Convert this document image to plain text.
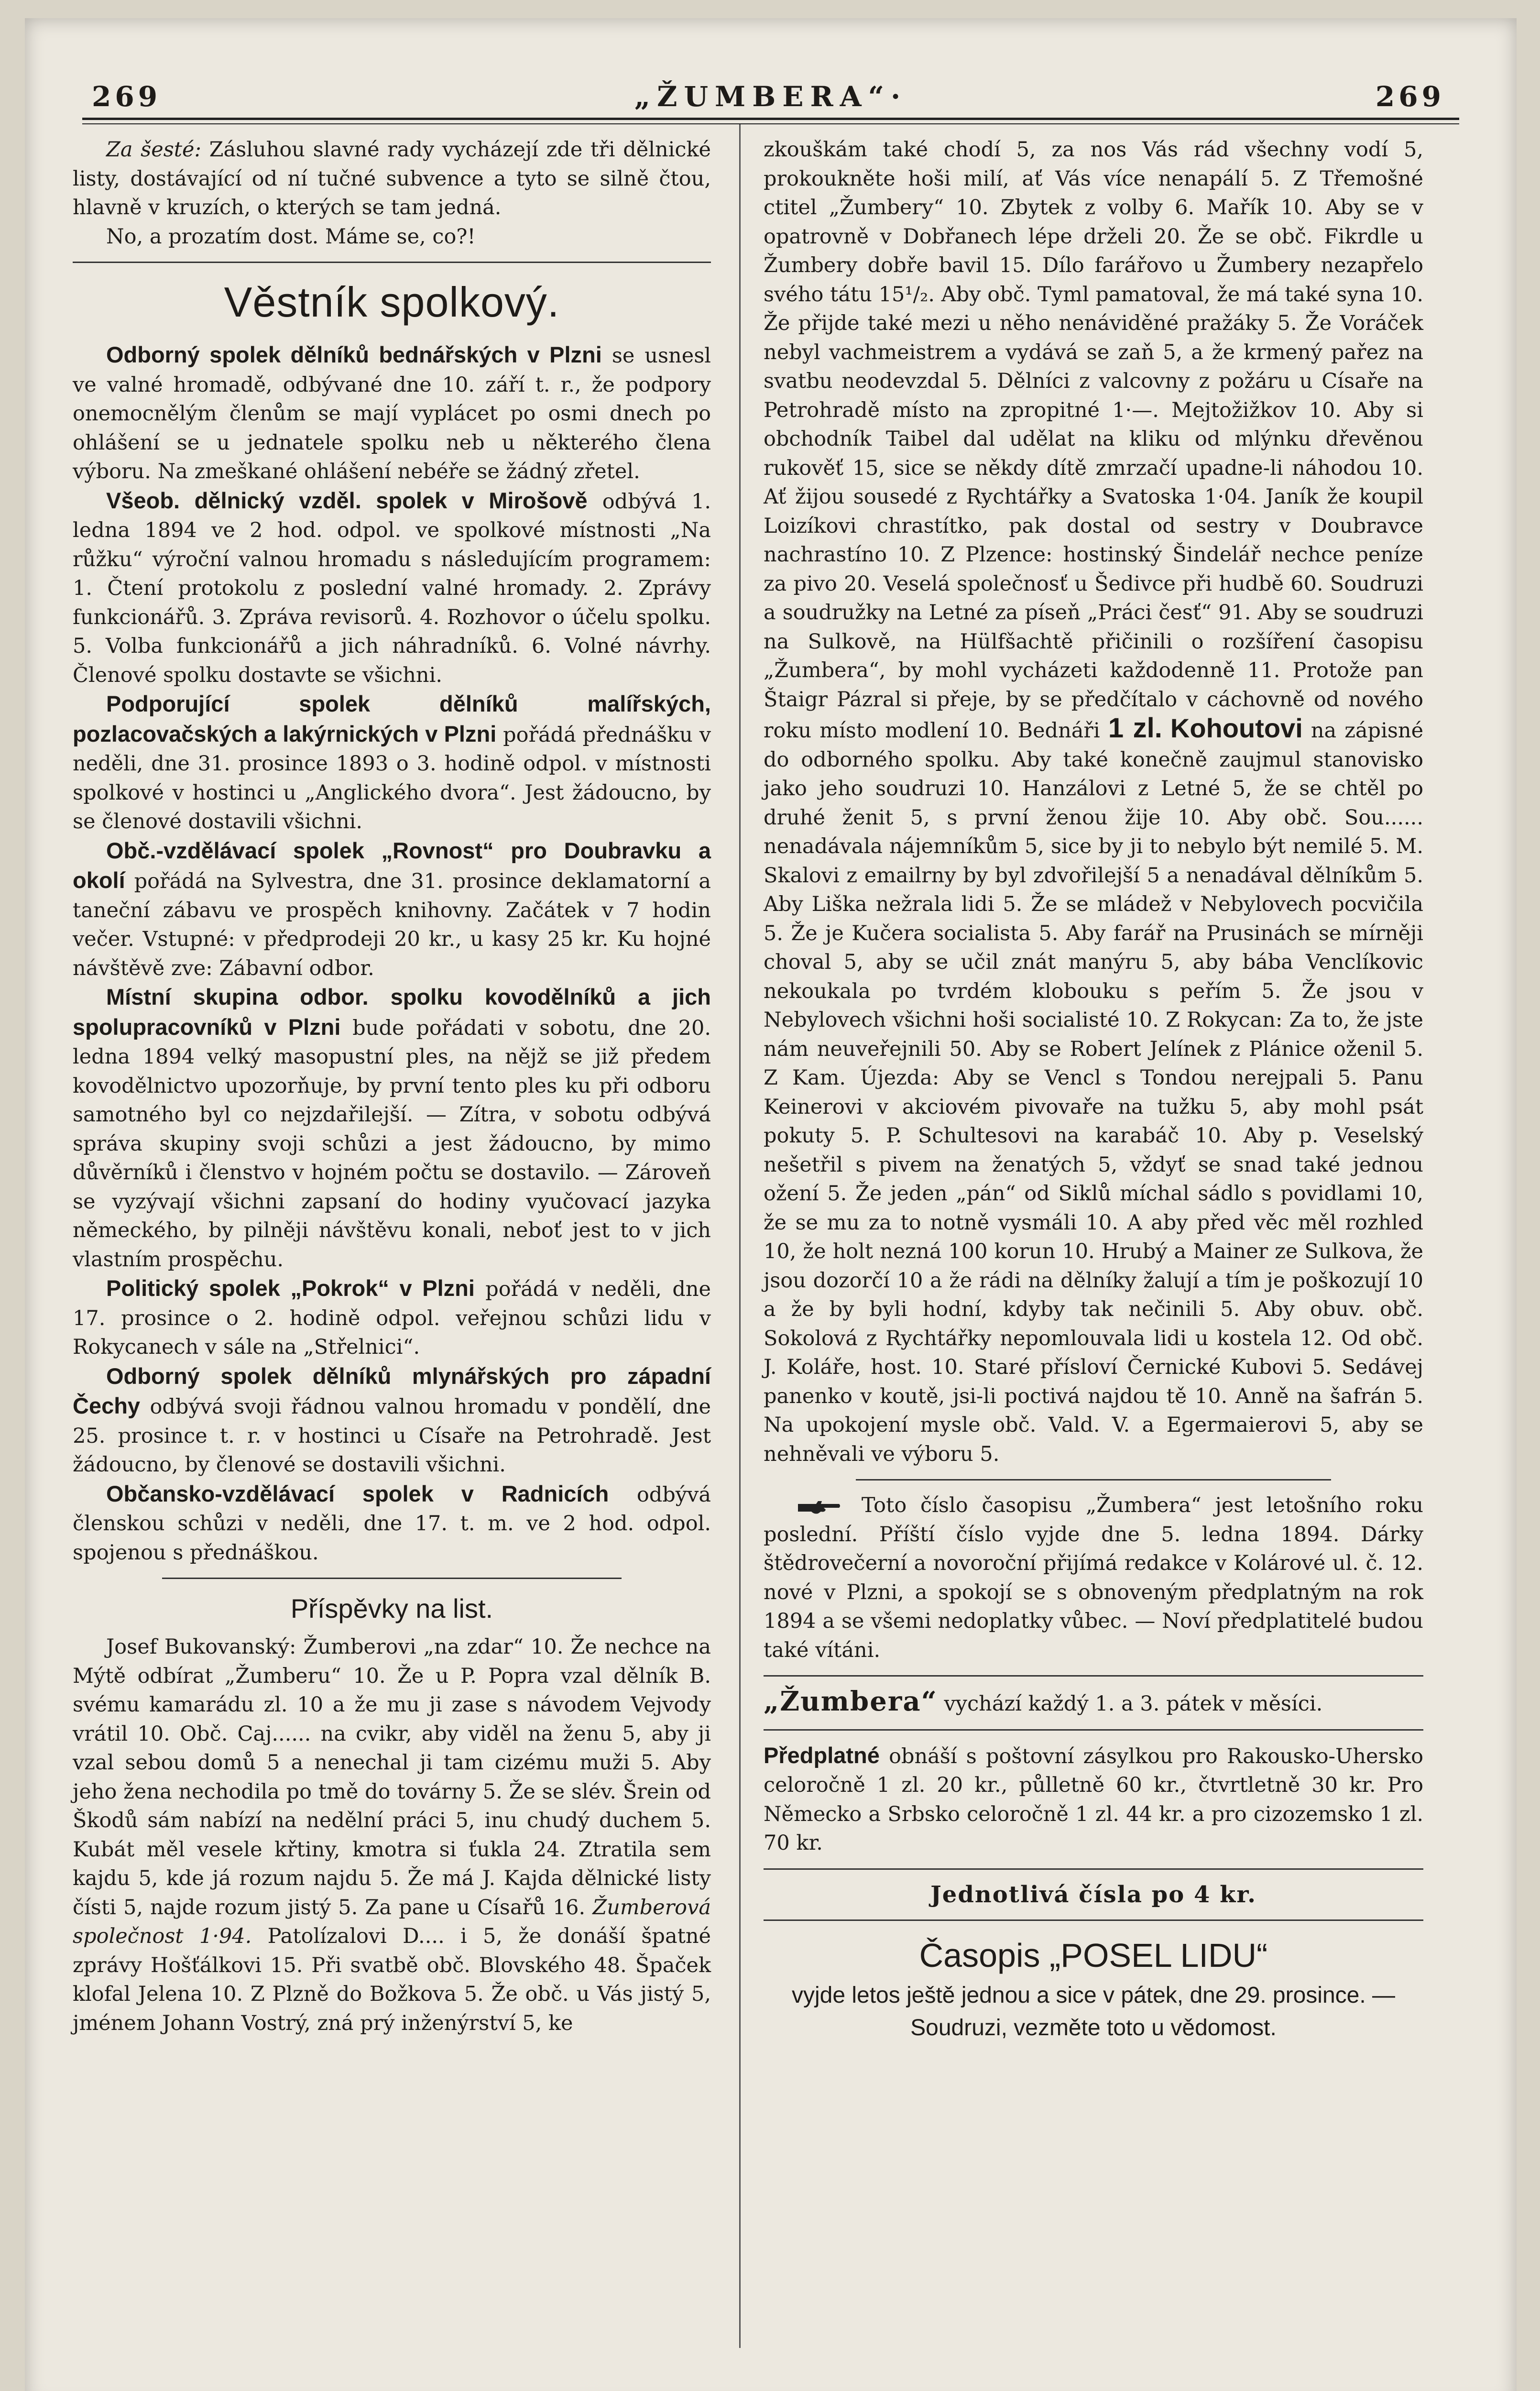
269	„ŽUMBERA“·	269

Za šesté: Zásluhou slavné rady vycházejí zde tři dělnické listy, dostávající od ní tučné subvence a tyto se silně čtou, hlavně v kruzích, o kterých se tam jedná.

No, a prozatím dost. Máme se, co?!

Věstník spolkový.

Odborný spolek dělníků bednářských v Plzni se usnesl ve valné hromadě, odbývané dne 10. září t. r., že podpory onemocnělým členům se mají vyplácet po osmi dnech po ohlášení se u jednatele spolku neb u některého člena výboru. Na zmeškané ohlášení nebéře se žádný zřetel.

Všeob. dělnický vzděl. spolek v Mirošově odbývá 1. ledna 1894 ve 2 hod. odpol. ve spolkové místnosti „Na růžku“ výroční valnou hromadu s následujícím programem: 1. Čtení protokolu z poslední valné hromady. 2. Zprávy funkcionářů. 3. Zpráva revisorů. 4. Rozhovor o účelu spolku. 5. Volba funkcionářů a jich náhradníků. 6. Volné návrhy. Členové spolku dostavte se všichni.

Podporující spolek dělníků malířských, pozlacovačských a lakýrnických v Plzni pořádá přednášku v neděli, dne 31. prosince 1893 o 3. hodině odpol. v místnosti spolkové v hostinci u „Anglického dvora“. Jest žádoucno, by se členové dostavili všichni.

Obč.-vzdělávací spolek „Rovnost“ pro Doubravku a okolí pořádá na Sylvestra, dne 31. prosince deklamatorní a taneční zábavu ve prospěch knihovny. Začátek v 7 hodin večer. Vstupné: v předprodeji 20 kr., u kasy 25 kr. Ku hojné návštěvě zve: Zábavní odbor.

Místní skupina odbor. spolku kovodělníků a jich spolupracovníků v Plzni bude pořádati v sobotu, dne 20. ledna 1894 velký masopustní ples, na nějž se již předem kovodělnictvo upozorňuje, by první tento ples ku při odboru samotného byl co nejzdařilejší. — Zítra, v sobotu odbývá správa skupiny svoji schůzi a jest žádoucno, by mimo důvěrníků i členstvo v hojném počtu se dostavilo. — Zároveň se vyzývají všichni zapsaní do hodiny vyučovací jazyka německého, by pilněji návštěvu konali, neboť jest to v jich vlastním prospěchu.

Politický spolek „Pokrok“ v Plzni pořádá v neděli, dne 17. prosince o 2. hodině odpol. veřejnou schůzi lidu v Rokycanech v sále na „Střelnici“.

Odborný spolek dělníků mlynářských pro západní Čechy odbývá svoji řádnou valnou hromadu v pondělí, dne 25. prosince t. r. v hostinci u Císaře na Petrohradě. Jest žádoucno, by členové se dostavili všichni.

Občansko-vzdělávací spolek v Radnicích odbývá členskou schůzi v neděli, dne 17. t. m. ve 2 hod. odpol. spojenou s přednáškou.

Příspěvky na list.

Josef Bukovanský: Žumberovi „na zdar“ 10. Že nechce na Mýtě odbírat „Žumberu“ 10. Že u P. Popra vzal dělník B. svému kamarádu zl. 10 a že mu ji zase s návodem Vejvody vrátil 10. Obč. Caj...... na cvikr, aby viděl na ženu 5, aby ji vzal sebou domů 5 a nenechal ji tam cizému muži 5. Aby jeho žena nechodila po tmě do továrny 5. Že se slév. Šrein od Škodů sám nabízí na nedělní práci 5, inu chudý duchem 5. Kubát měl vesele křtiny, kmotra si ťukla 24. Ztratila sem kajdu 5, kde já rozum najdu 5. Že má J. Kajda dělnické listy čísti 5, najde rozum jistý 5. Za pane u Císařů 16. Žumberová společnost 1·94. Patolízalovi D.... i 5, že donáší špatné zprávy Hošťálkovi 15. Při svatbě obč. Blovského 48. Špaček klofal Jelena 10. Z Plzně do Božkova 5. Že obč. u Vás jistý 5, jménem Johann Vostrý, zná prý inženýrství 5, ke

zkouškám také chodí 5, za nos Vás rád všechny vodí 5, prokoukněte hoši milí, ať Vás více nenapálí 5. Z Třemošné ctitel „Žumbery“ 10. Zbytek z volby 6. Mařík 10. Aby se v opatrovně v Dobřanech lépe drželi 20. Že se obč. Fikrdle u Žumbery dobře bavil 15. Dílo farářovo u Žumbery nezapřelo svého tátu 15¹/₂. Aby obč. Tyml pamatoval, že má také syna 10. Že přijde také mezi u něho nenáviděné pražáky 5. Že Voráček nebyl vachmeistrem a vydává se zaň 5, a že krmený pařez na svatbu neodevzdal 5. Dělníci z valcovny z požáru u Císaře na Petrohradě místo na zpropitné 1·—. Mejtožižkov 10. Aby si obchodník Taibel dal udělat na kliku od mlýnku dřevěnou rukověť 15, sice se někdy dítě zmrzačí upadne-li náhodou 10. Ať žijou sousedé z Rychtářky a Svatoska 1·04. Janík že koupil Loizíkovi chrastítko, pak dostal od sestry v Doubravce nachrastíno 10. Z Plzence: hostinský Šindelář nechce peníze za pivo 20. Veselá společnosť u Šedivce při hudbě 60. Soudruzi a soudružky na Letné za píseň „Práci česť“ 91. Aby se soudruzi na Sulkově, na Hülfšachtě přičinili o rozšíření časopisu „Žumbera“, by mohl vycházeti každodenně 11. Protože pan Štaigr Pázral si přeje, by se předčítalo v cáchovně od nového roku místo modlení 10. Bednáři 1 zl. Kohoutovi na zápisné do odborného spolku. Aby také konečně zaujmul stanovisko jako jeho soudruzi 10. Hanzálovi z Letné 5, že se chtěl po druhé ženit 5, s první ženou žije 10. Aby obč. Sou...... nenadávala nájemníkům 5, sice by ji to nebylo být nemilé 5. M. Skalovi z emailrny by byl zdvořilejší 5 a nenadával dělníkům 5. Aby Liška nežrala lidi 5. Že se mládež v Nebylovech pocvičila 5. Že je Kučera socialista 5. Aby farář na Prusinách se mírněji choval 5, aby se učil znát manýru 5, aby bába Venclíkovic nekoukala po tvrdém klobouku s peřím 5. Že jsou v Nebylovech všichni hoši socialisté 10. Z Rokycan: Za to, že jste nám neuveřejnili 50. Aby se Robert Jelínek z Plánice oženil 5. Z Kam. Újezda: Aby se Vencl s Tondou nerejpali 5. Panu Keinerovi v akciovém pivovaře na tužku 5, aby mohl psát pokuty 5. P. Schultesovi na karabáč 10. Aby p. Veselský nešetřil s pivem na ženatých 5, vždyť se snad také jednou ožení 5. Že jeden „pán“ od Siklů míchal sádlo s povidlami 10, že se mu za to notně vysmáli 10. A aby před věc měl rozhled 10, že holt nezná 100 korun 10. Hrubý a Mainer ze Sulkova, že jsou dozorčí 10 a že rádi na dělníky žalují a tím je poškozují 10 a že by byli hodní, kdyby tak nečinili 5. Aby obuv. obč. Sokolová z Rychtářky nepomlouvala lidi u kostela 12. Od obč. J. Koláře, host. 10. Staré přísloví Černické Kubovi 5. Sedávej panenko v koutě, jsi-li poctivá najdou tě 10. Anně na šafrán 5. Na upokojení mysle obč. Vald. V. a Egermaierovi 5, aby se nehněvali ve výboru 5.

Toto číslo časopisu „Žumbera“ jest letošního roku poslední. Příští číslo vyjde dne 5. ledna 1894. Dárky štědrovečerní a novoroční přijímá redakce v Kolárové ul. č. 12. nové v Plzni, a spokojí se s obnoveným předplatným na rok 1894 a se všemi nedoplatky vůbec. — Noví předplatitelé budou také vítáni.

„Žumbera“ vychází každý 1. a 3. pátek v měsíci.

Předplatné obnáší s poštovní zásylkou pro Rakousko-Uhersko celoročně 1 zl. 20 kr., půlletně 60 kr., čtvrtletně 30 kr. Pro Německo a Srbsko celoročně 1 zl. 44 kr. a pro cizozemsko 1 zl. 70 kr.

Jednotlivá čísla po 4 kr.

Časopis „POSEL LIDU“

vyjde letos ještě jednou a sice v pátek, dne 29. prosince. — Soudruzi, vezměte toto u vědomost.
